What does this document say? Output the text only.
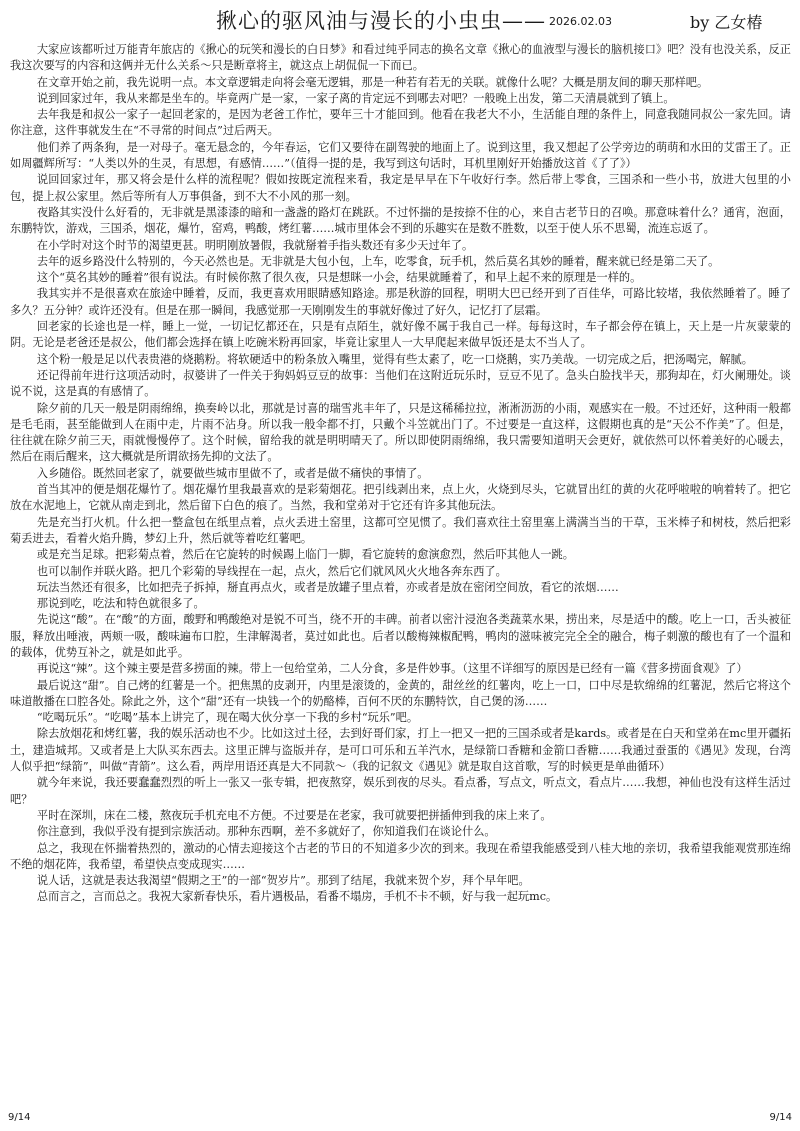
揪心的驱风油与漫长的小虫虫—— 2026.02.03	by 乙女椿

大家应该都听过万能青年旅店的《揪心的玩笑和漫长的白日梦》和看过纯乎同志的换名文章《揪心的血液型与漫长的脑机接口》吧？没有也没关系，反正我这次要写的内容和这俩并无什么关系～只是断章将主，就这点上胡侃侃一下而已。

在文章开始之前，我先说明一点。本文章逻辑走向将会毫无逻辑，那是一种若有若无的关联。就像什么呢？大概是朋友间的聊天那样吧。

说到回家过年，我从来都是坐车的。毕竟两广是一家，一家子离的肯定远不到哪去对吧？一般晚上出发，第二天清晨就到了镇上。

去年我是和叔公一家子一起回老家的，是因为老爸工作忙，要年三十才能回到。他看在我老大不小，生活能自理的条件上，同意我随同叔公一家先回。请你注意，这件事就发生在“不寻常的时间点”过后两天。

他们养了两条狗，是一对母子。毫无悬念的，今年春运，它们又要待在副驾驶的地面上了。说到这里，我又想起了公学旁边的萌萌和水田的艾雷王了。正如周疆辉所写：“人类以外的生灵，有思想，有感情……”（值得一提的是，我写到这句话时，耳机里刚好开始播放这首《了了》）

说回回家过年，那又将会是什么样的流程呢？假如按既定流程来看，我定是早早在下午收好行李。然后带上零食，三国杀和一些小书，放进大包里的小包，提上叔公家里。然后等所有人万事俱备，到不大不小风的那一刻。

夜路其实没什么好看的，无非就是黑漆漆的暗和一盏盏的路灯在跳跃。不过怀揣的是按捺不住的心，来自古老节日的召唤。那意味着什么？通宵，泡面，东鹏特饮，游戏，三国杀，烟花，爆竹，窑鸡，鸭酸，烤红薯……城市里体会不到的乐趣实在是数不胜数，以至于使人乐不思蜀，流连忘返了。

在小学时对这个时节的渴望更甚。明明刚放暑假，我就掰着手指头数还有多少天过年了。

去年的返乡路没什么特别的，今天必然也是。无非就是大包小包，上车，吃零食，玩手机，然后莫名其妙的睡着，醒来就已经是第二天了。

这个“莫名其妙的睡着”很有说法。有时候你熬了很久夜，只是想眯一小会，结果就睡着了，和早上起不来的原理是一样的。

我其实并不是很喜欢在旅途中睡着，反而，我更喜欢用眼睛感知路途。那是秋游的回程，明明大巴已经开到了百佳华，可路比较堵，我依然睡着了。睡了多久？五分钟？或许还没有。但是在那一瞬间，我感觉那一天刚刚发生的事就好像过了好久，记忆打了层霜。

回老家的长途也是一样，睡上一觉，一切记忆都还在，只是有点陌生，就好像不属于我自己一样。每每这时，车子都会停在镇上，天上是一片灰蒙蒙的阴。无论是老爸还是叔公，他们都会选择在镇上吃碗米粉再回家，毕竟让家里人一大早爬起来做早饭还是太不当人了。

这个粉一般是足以代表贵港的烧鹅粉。将软硬适中的粉条放入嘴里，觉得有些太素了，吃一口烧鹅，实乃美哉。一切完成之后，把汤喝完，解腻。

还记得前年进行这项活动时，叔婆讲了一件关于狗妈妈豆豆的故事：当他们在这附近玩乐时，豆豆不见了。急头白脸找半天，那狗却在，灯火阑珊处。谈说不说，这是真的有感情了。

除夕前的几天一般是阴雨绵绵，换奏岭以北，那就是讨喜的瑞雪兆丰年了，只是这稀稀拉拉，淅淅沥沥的小雨，观感实在一般。不过还好，这种雨一般都是毛毛雨，甚至能做到人在雨中走，片雨不沾身。所以我一般伞都不打，只戴个斗笠就出门了。不过要是一直这样，这假期也真的是“天公不作美”了。但是，往往就在除夕前三天，雨就慢慢停了。这个时候，留给我的就是明明晴天了。所以即使阴雨绵绵，我只需要知道明天会更好，就依然可以怀着美好的心暖去，然后在雨后醒来，这大概就是所谓欲扬先抑的文法了。

入乡随俗。既然回老家了，就要做些城市里做不了，或者是做不痛快的事情了。

首当其冲的便是烟花爆竹了。烟花爆竹里我最喜欢的是彩菊烟花。把引线剥出来，点上火，火烧到尽头，它就冒出红的黄的火花呼啦啦的响着转了。把它放在水泥地上，它就从南走到北，然后留下白色的痕了。当然，我和堂弟对于它还有许多其他玩法。

先是充当打火机。什么把一整盒包在纸里点着，点火丢进土窑里，这都可空见惯了。我们喜欢往土窑里塞上满满当当的干草，玉米棒子和树枝，然后把彩菊丢进去，看着火焰升腾，梦幻上升，然后就等着吃红薯吧。

或是充当足球。把彩菊点着，然后在它旋转的时候踢上临门一脚，看它旋转的愈演愈烈，然后吓其他人一跳。

也可以制作并联火路。把几个彩菊的导线捏在一起，点火，然后它们就风风火火地各奔东西了。

玩法当然还有很多，比如把壳子拆掉，掰直再点火，或者是放罐子里点着，亦或者是放在密闭空间放，看它的浓烟……

那说到吃，吃法和特色就很多了。

先说这“酸”。在“酸”的方面，酸野和鸭酸绝对是锐不可当，绕不开的丰碑。前者以密汁浸泡各类蔬菜水果，捞出来，尽是适中的酸。吃上一口，舌头被征服，释放出唾液，两颊一吸，酸味遍布口腔，生津解渴者，莫过如此也。后者以酸梅辣椒配鸭，鸭肉的滋味被完完全全的融合，梅子刺激的酸也有了一个温和的载体，优势互补之，就是如此乎。

再说这“辣”。这个辣主要是营多捞面的辣。带上一包给堂弟，二人分食，多是件妙事。（这里不详细写的原因是已经有一篇《营多捞面食观》了）

最后说这“甜”。自己烤的红薯是一个。把焦黑的皮剥开，内里是滚烫的，金黄的，甜丝丝的红薯肉，吃上一口，口中尽是软绵绵的红薯泥，然后它将这个味道散播在口腔各处。除此之外，这个“甜”还有一块钱一个的奶酪棒，百何不厌的东鹏特饮，自己煲的汤……

“吃喝玩乐”。“吃喝”基本上讲完了，现在喝大伙分享一下我的乡村“玩乐”吧。

除去放烟花和烤红薯，我的娱乐活动也不少。比如这过土径，去到好哥们家，打上一把又一把的三国杀或者是kards。或者是在白天和堂弟在mc里开疆拓土，建造城邦。又或者是上大队买东西去。这里正牌与盗版并存，是可口可乐和五羊汽水，是绿箭口香糖和金箭口香糖……我通过蚕蛋的《遇见》发现，台湾人似乎把“绿箭”，叫做“青箭”。这么看，两岸用语还真是大不同款～（我的记叙文《遇见》就是取自这首歌，写的时候更是单曲循环）

就今年来说，我还要蠢蠢烈烈的听上一张又一张专辑，把夜熬穿，娱乐到夜的尽头。看点番，写点文，听点文，看点片……我想，神仙也没有这样生活过吧？

平时在深圳，床在二楼，熬夜玩手机充电不方便。不过要是在老家，我可就要把拼插伸到我的床上来了。

你注意到，我似乎没有提到宗族活动。那种东西啊，差不多就好了，你知道我们在谈论什么。

总之，我现在怀揣着热烈的，激动的心情去迎接这个古老的节日的不知道多少次的到来。我现在希望我能感受到八桂大地的亲切，我希望我能观赏那连绵不绝的烟花阵，我希望，希望快点变成现实……

说人话，这就是表达我渴望“假期之王”的一部“贺岁片”。那到了结尾，我就来贺个岁，拜个早年吧。

总而言之，言而总之。我祝大家新春快乐，看片遇极品，看番不塌房，手机不卡不顿，好与我一起玩mc。

9/14	9/14
